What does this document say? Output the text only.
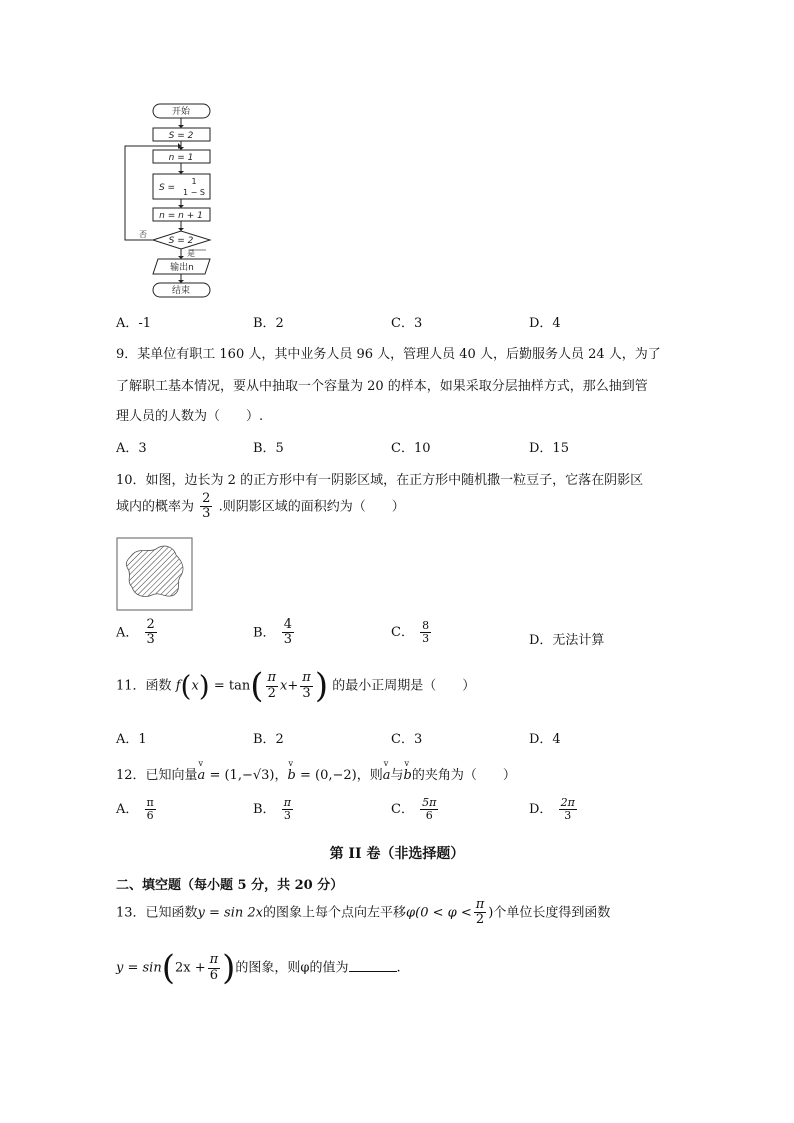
开始
S = 2
n = 1
S =
1
1 − S
n = n + 1
S = 2
否
是
输出n
结束
A．-1	B．2	C．3	D．4
9．某单位有职工 160 人，其中业务人员 96 人，管理人员 40 人，后勤服务人员 24 人，为了
了解职工基本情况，要从中抽取一个容量为 20 的样本，如果采取分层抽样方式，那么抽到管
理人员的人数为（　　）.
A．3	B．5	C．10	D．15
10．如图，边长为 2 的正方形中有一阴影区域，在正方形中随机撒一粒豆子，它落在阴影区
域内的概率为 $\frac{2}{3}$ .则阴影区域的面积约为（　　）
A． $\frac{2}{3}$	B． $\frac{4}{3}$	C． $\frac{8}{3}$	D．无法计算
11．函数 $f(x) = \tan( \frac{\pi}{2} x+ \frac{\pi}{3}$ ) 的最小正周期是（　　）
A．1	B．2	C．3	D．4
12．已知向量v a = (1,−√3)，v b = (0,−2)，则v a与v b的夹角为（　　）
A． $\frac{\pi}{6}$	B． $\frac{\pi}{3}$	C． $\frac{5\pi}{6}$	D． $\frac{2\pi}{3}$
第 II 卷（非选择题）
二、填空题（每小题 5 分，共 20 分）
13．已知函数y = sin 2x的图象上每个点向左平移$\varphi(0 < \varphi < \frac{\pi}{2}$ )个单位长度得到函数
$y = \sin(2x + \frac{\pi}{6}$ )的图象，则φ的值为	.
